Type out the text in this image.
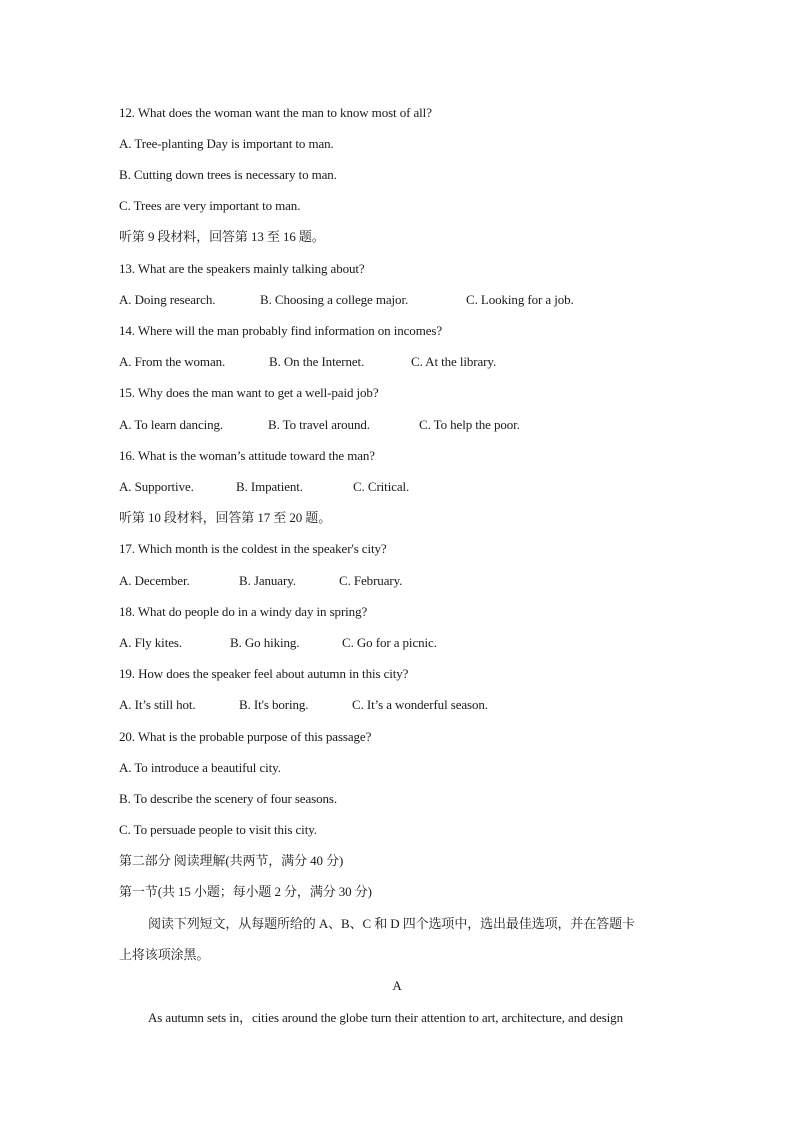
12. What does the woman want the man to know most of all?
A. Tree-planting Day is important to man.
B. Cutting down trees is necessary to man.
C. Trees are very important to man.
听第 9 段材料，回答第 13 至 16 题。
13. What are the speakers mainly talking about?
A. Doing research.	B. Choosing a college major.	C. Looking for a job.
14. Where will the man probably find information on incomes?
A. From the woman.	B. On the Internet.	C. At the library.
15. Why does the man want to get a well-paid job?
A. To learn dancing.	B. To travel around.	C. To help the poor.
16. What is the woman’s attitude toward the man?
A. Supportive.	B. Impatient.	C. Critical.
听第 10 段材料，回答第 17 至 20 题。
17. Which month is the coldest in the speaker's city?
A. December.	B. January.	C. February.
18. What do people do in a windy day in spring?
A. Fly kites.	B. Go hiking.	C. Go for a picnic.
19. How does the speaker feel about autumn in this city?
A. It’s still hot.	B. It's boring.	C. It’s a wonderful season.
20. What is the probable purpose of this passage?
A. To introduce a beautiful city.
B. To describe the scenery of four seasons.
C. To persuade people to visit this city.
第二部分 阅读理解(共两节，满分 40 分)
第一节(共 15 小题；每小题 2 分，满分 30 分)
阅读下列短文，从每题所给的 A、B、C 和 D 四个选项中，选出最佳选项，并在答题卡
上将该项涂黑。
A
As autumn sets in，cities around the globe turn their attention to art, architecture, and design
